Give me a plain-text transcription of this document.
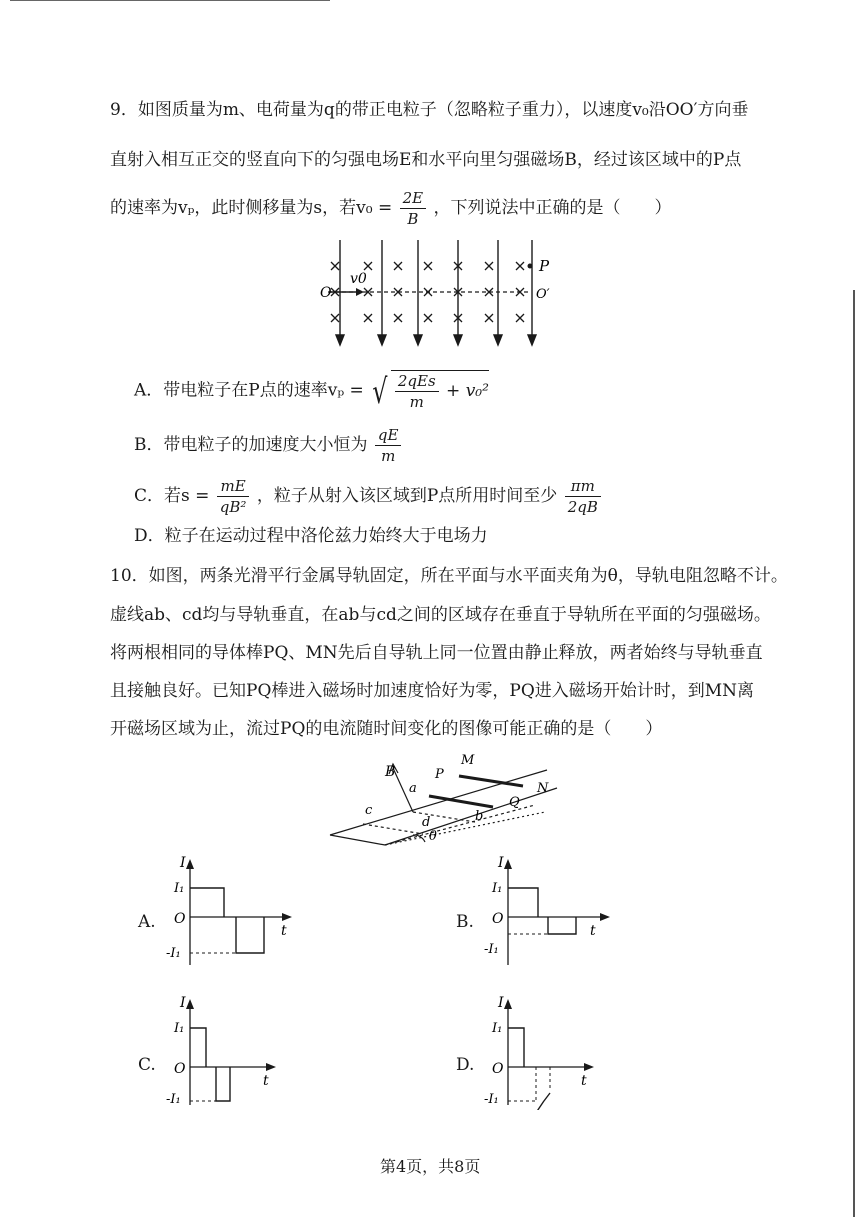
9．如图质量为m、电荷量为q的带正电粒子（忽略粒子重力），以速度v₀沿OO′方向垂
直射入相互正交的竖直向下的匀强电场E和水平向里匀强磁场B，经过该区域中的P点
的速率为vₚ，此时侧移量为s，若$v_0 = \frac{2E}{B}$ ，下列说法中正确的是（　　）
v0
O
P
O′
A．带电粒子在P点的速率vₚ = √ $\frac{\text{2qEs}}{m} + v_0^2$
B．带电粒子的加速度大小恒为 $\frac{qE}{m}$
C．若$s = \frac{mE}{\text{qB²}}$ ，粒子从射入该区域到P点所用时间至少 $\frac{\pi m}{2qB}$
D．粒子在运动过程中洛伦兹力始终大于电场力
10．如图，两条光滑平行金属导轨固定，所在平面与水平面夹角为θ，导轨电阻忽略不计。
虚线ab、cd均与导轨垂直，在ab与cd之间的区域存在垂直于导轨所在平面的匀强磁场。
将两根相同的导体棒PQ、MN先后自导轨上同一位置由静止释放，两者始终与导轨垂直
且接触良好。已知PQ棒进入磁场时加速度恰好为零，PQ进入磁场开始计时，到MN离
开磁场区域为止，流过PQ的电流随时间变化的图像可能正确的是（　　）
B	P
M
N
Q
a
b
c
d
θ
A.
I
I₁
O
t
-I₁
B.
I
I₁
O
t
-I₁
C.
I
I₁
O
t
-I₁
D.
I
I₁
O
t
-I₁
第4页，共8页
